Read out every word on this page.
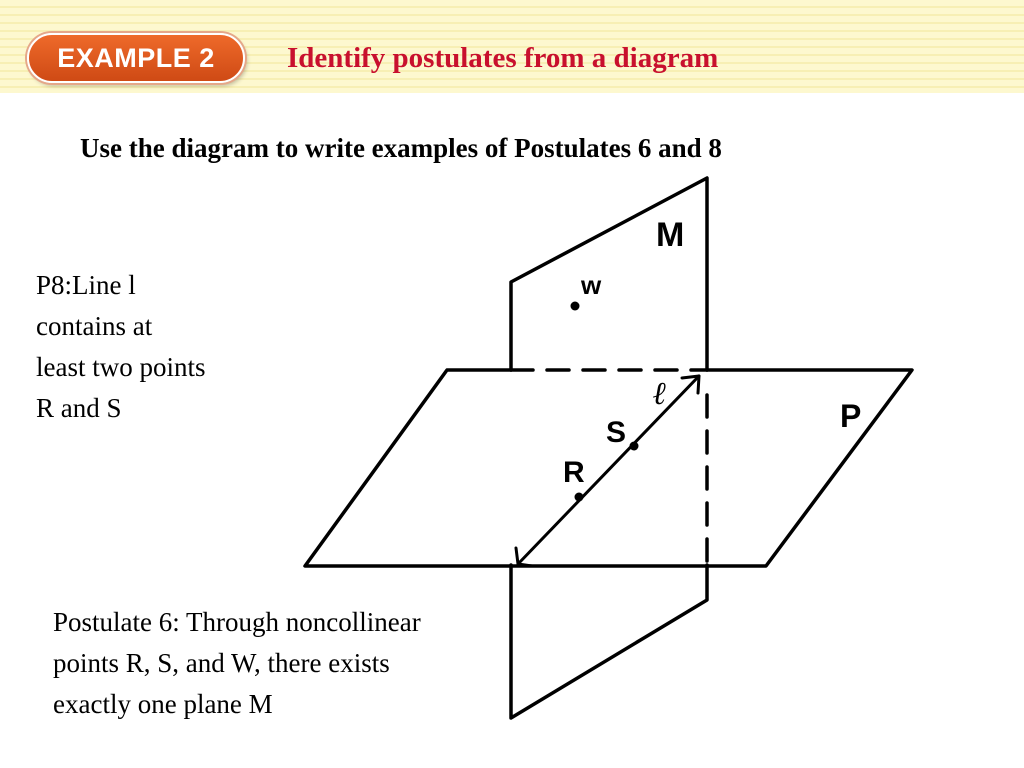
EXAMPLE 2	Identify postulates from a diagram
Use the diagram to write examples of Postulates 6 and 8
P8:Line l contains at least two points R and S
M
P
w
S
R
ℓ
Postulate 6: Through noncollinear points R, S, and W, there exists exactly one plane M
